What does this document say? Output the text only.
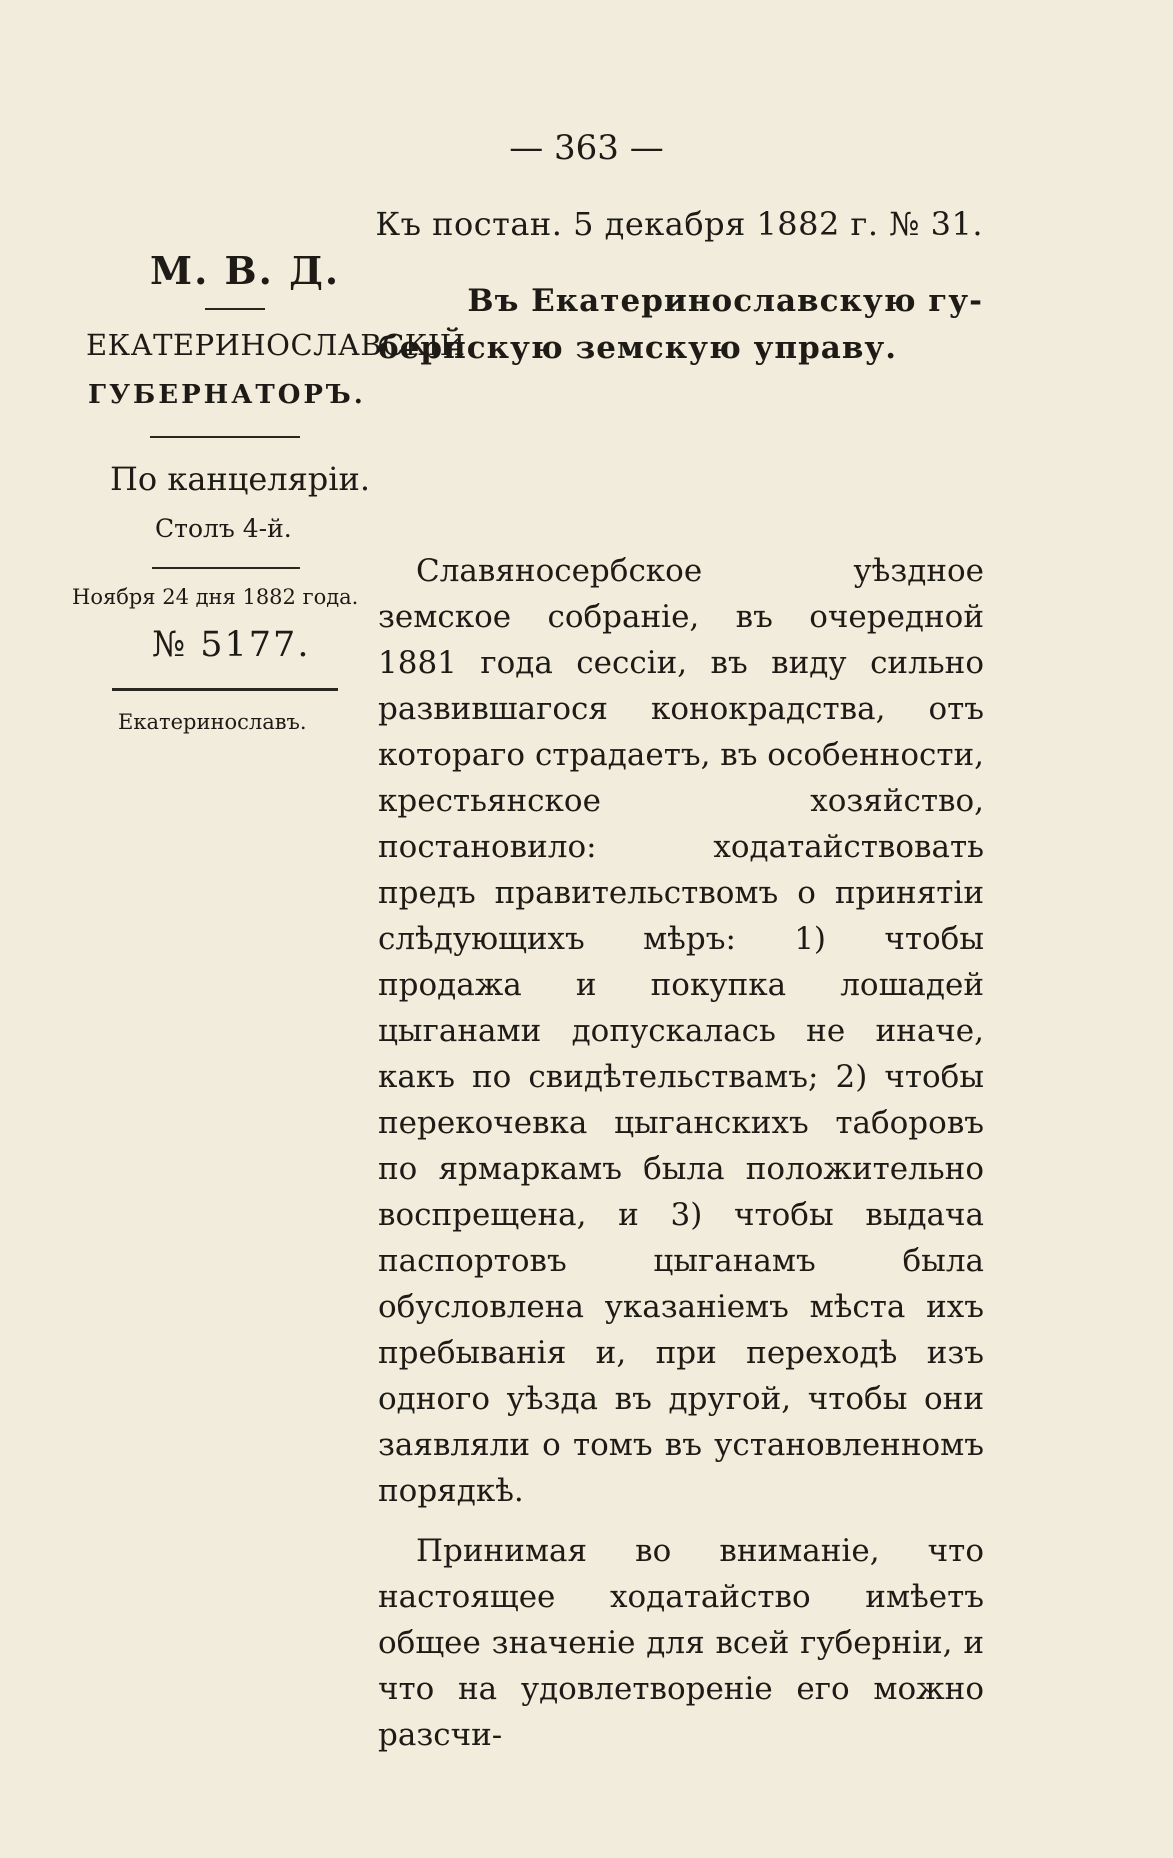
— 363 —
Къ постан. 5 декабря 1882 г. № 31.
М. В. Д.
ЕКАТЕРИНОСЛАВСКІЙ
ГУБЕРНАТОРЪ.
Въ Екатеринославскую гу-
бернскую земскую управу.
По канцеляріи.
Столъ 4-й.
Ноября 24 дня 1882 года.
№ 5177.
Екатеринославъ.

Славяносербское уѣздное земское собраніе, въ очередной 1881 года сессіи, въ виду сильно развившагося конокрадства, отъ котораго страдаетъ, въ особенности, крестьянское хозяйство, постановило: ходатайствовать предъ правительствомъ о принятіи слѣдующихъ мѣръ: 1) чтобы продажа и покупка лошадей цыганами допускалась не иначе, какъ по свидѣтельствамъ; 2) чтобы перекочевка цыганскихъ таборовъ по ярмаркамъ была положительно воспрещена, и 3) чтобы выдача паспортовъ цыганамъ была обусловлена указаніемъ мѣста ихъ пребыванія и, при переходѣ изъ одного уѣзда въ другой, чтобы они заявляли о томъ въ установленномъ порядкѣ.

Принимая во вниманіе, что настоящее ходатайство имѣетъ общее значеніе для всей губерніи, и что на удовлетвореніе его можно разсчи-
